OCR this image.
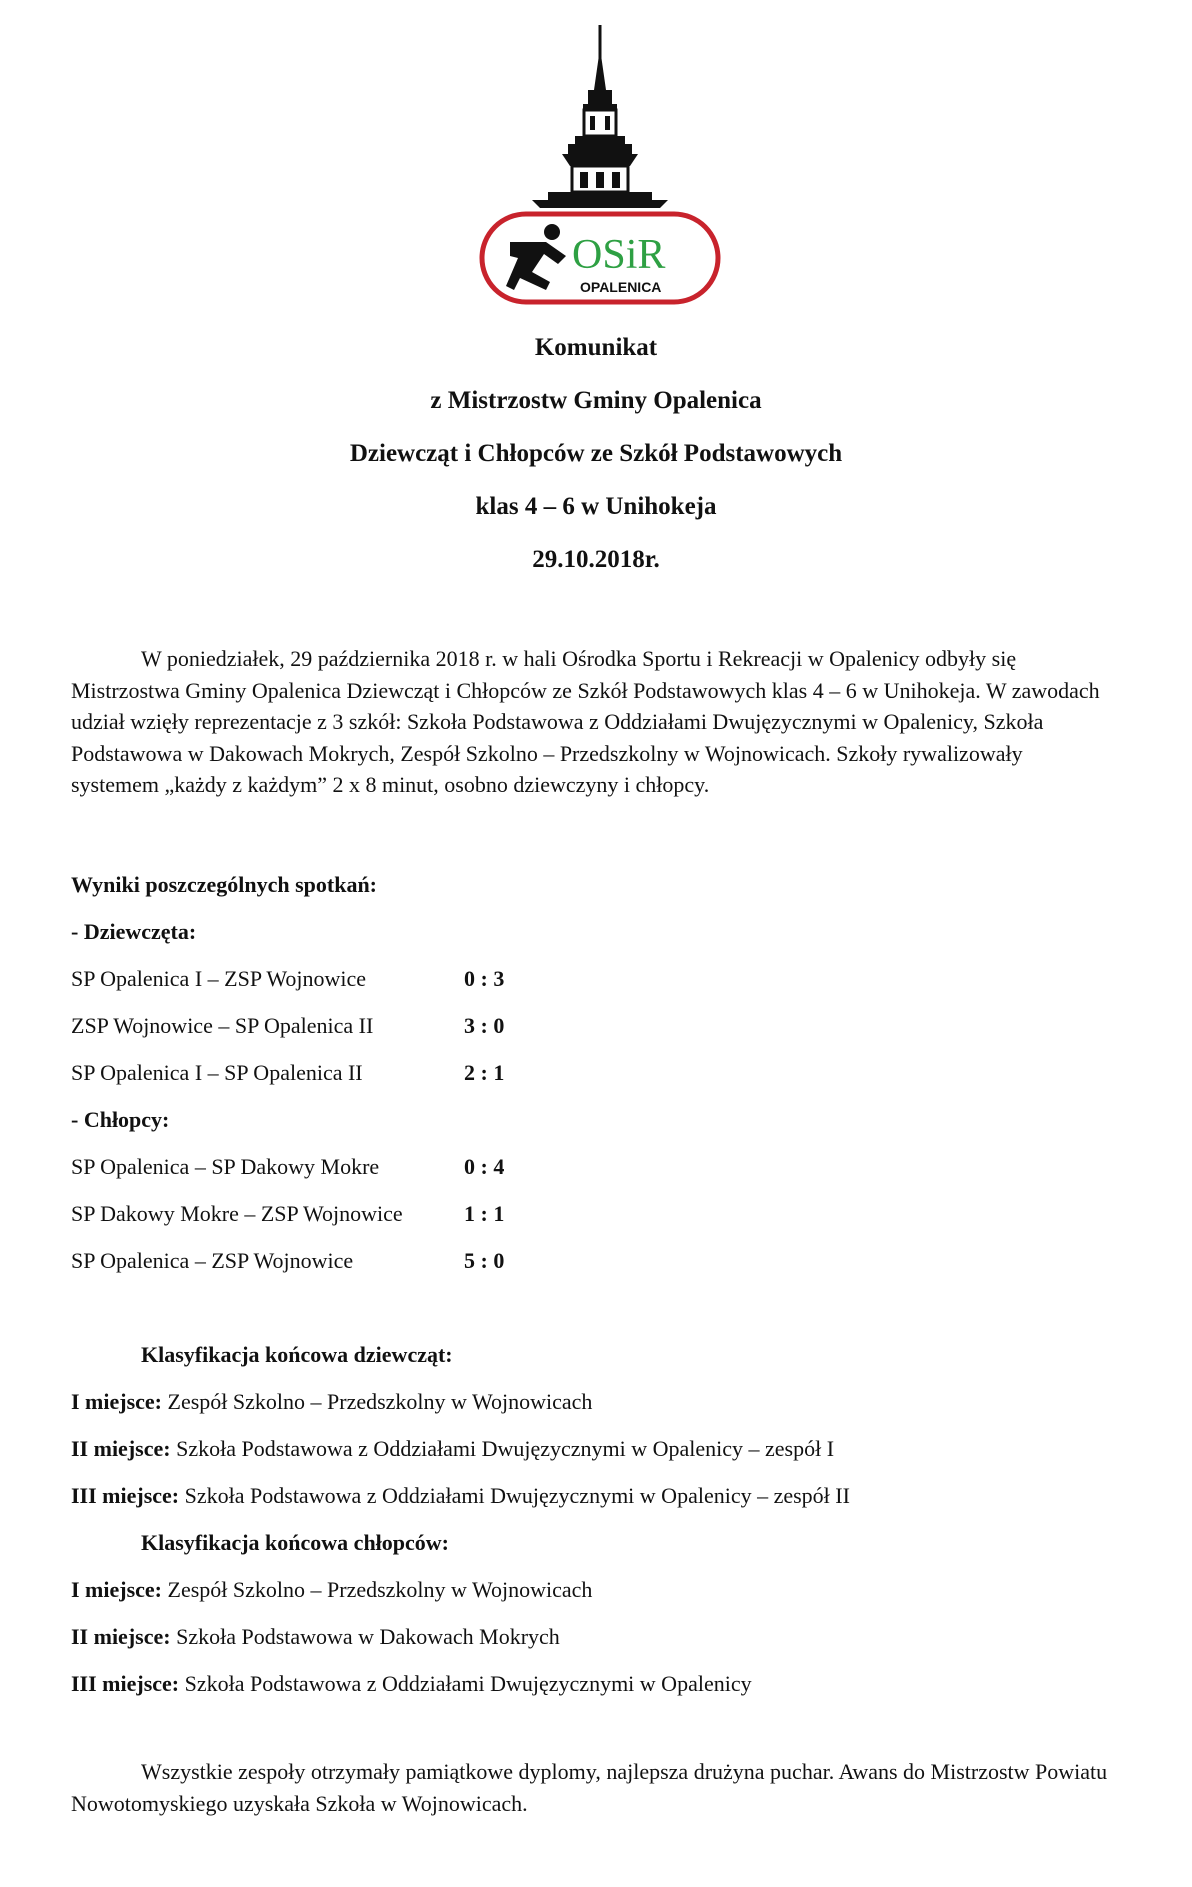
OSiR
OPALENICA
Komunikat
z Mistrzostw Gminy Opalenica
Dziewcząt i Chłopców ze Szkół Podstawowych
klas 4 – 6 w Unihokeja
29.10.2018r.

W poniedziałek, 29 października 2018 r. w hali Ośrodka Sportu i Rekreacji w Opalenicy odbyły się Mistrzostwa Gminy Opalenica Dziewcząt i Chłopców ze Szkół Podstawowych klas 4 – 6 w Unihokeja. W zawodach udział wzięły reprezentacje z 3 szkół: Szkoła Podstawowa z Oddziałami Dwujęzycznymi w Opalenicy, Szkoła Podstawowa w Dakowach Mokrych, Zespół Szkolno – Przedszkolny w Wojnowicach. Szkoły rywalizowały systemem „każdy z każdym” 2 x 8 minut, osobno dziewczyny i chłopcy.

Wyniki poszczególnych spotkań:
- Dziewczęta:
SP Opalenica I – ZSP Wojnowice	0 : 3
ZSP Wojnowice – SP Opalenica II	3 : 0
SP Opalenica I – SP Opalenica II	2 : 1
- Chłopcy:
SP Opalenica – SP Dakowy Mokre	0 : 4
SP Dakowy Mokre – ZSP Wojnowice	1 : 1
SP Opalenica – ZSP Wojnowice	5 : 0
Klasyfikacja końcowa dziewcząt:
I miejsce: Zespół Szkolno – Przedszkolny w Wojnowicach
II miejsce: Szkoła Podstawowa z Oddziałami Dwujęzycznymi w Opalenicy – zespół I
III miejsce: Szkoła Podstawowa z Oddziałami Dwujęzycznymi w Opalenicy – zespół II
Klasyfikacja końcowa chłopców:
I miejsce: Zespół Szkolno – Przedszkolny w Wojnowicach
II miejsce: Szkoła Podstawowa w Dakowach Mokrych
III miejsce: Szkoła Podstawowa z Oddziałami Dwujęzycznymi w Opalenicy

Wszystkie zespoły otrzymały pamiątkowe dyplomy, najlepsza drużyna puchar. Awans do Mistrzostw Powiatu Nowotomyskiego uzyskała Szkoła w Wojnowicach.
